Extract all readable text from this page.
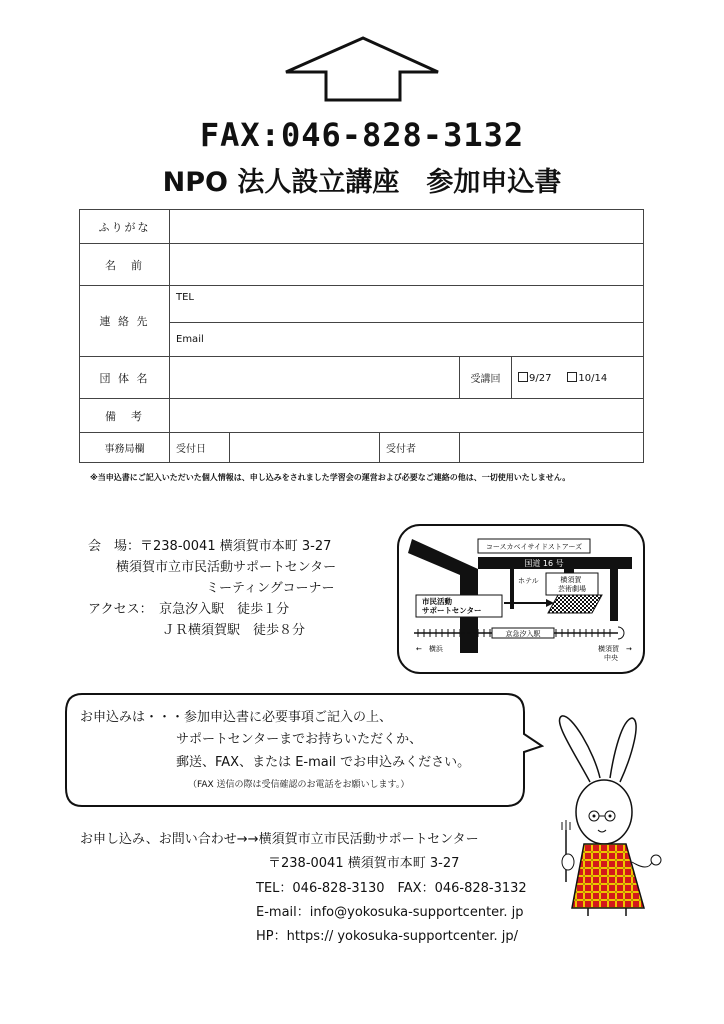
FAX:046-828-3132
NPO 法人設立講座　参加申込書
ふりがな					
名　前					
連 絡 先	TEL				
	Email				
団 体 名				受講回	9/27 10/14
備　考					
事務局欄	受付日		受付者		
※当申込書にご記入いただいた個人情報は、申し込みをされました学習会の運営および必要なご連絡の他は、一切使用いたしません。
会　場：〒238-0041 横須賀市本町 3-27
横須賀市立市民活動サポートセンター
ミーティングコーナー
アクセス：　京急汐入駅　徒歩１分
ＪＲ横須賀駅　徒歩８分
コースカベイサイドストアーズ
国道 16 号
ホテル	横須賀 芸術劇場
市民活動 サポートセンター
京急汐入駅
←　横浜	横須賀　→ 中央
お申込みは・・・参加申込書に必要事項ご記入の上、
サポートセンターまでお持ちいただくか、
郵送、FAX、または E-mail でお申込みください。
（FAX 送信の際は受信確認のお電話をお願いします。）
お申し込み、お問い合わせ→→横須賀市立市民活動サポートセンター
〒238-0041 横須賀市本町 3-27
TEL：046-828-3130　FAX：046-828-3132
E-mail：info@yokosuka-supportcenter. jp
HP：https:// yokosuka-supportcenter. jp/
